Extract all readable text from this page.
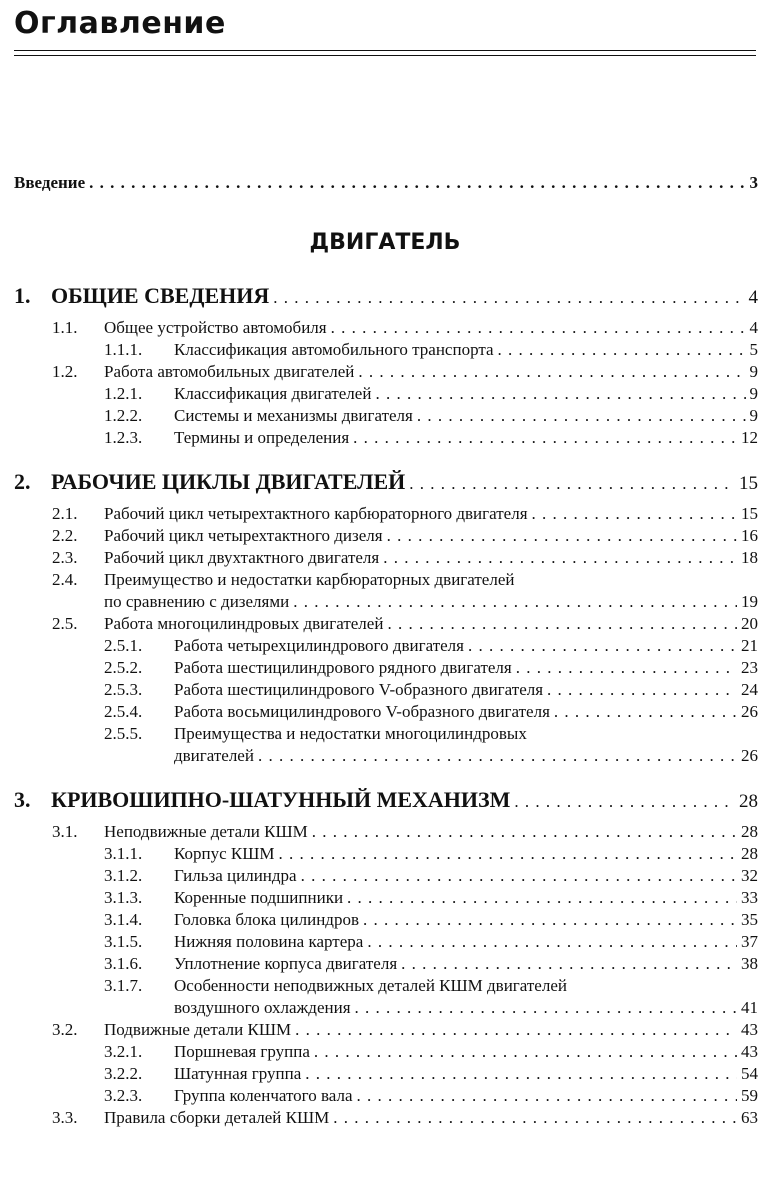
Оглавление
Введение . . .	3
ДВИГАТЕЛЬ
1. ОБЩИЕ СВЕДЕНИЯ . . .	4
1.1.	Общее устройство автомобиля . . .	4
1.1.1.	Классификация автомобильного транспорта . . .	5
1.2.	Работа автомобильных двигателей . . .	9
1.2.1.	Классификация двигателей . . .	9
1.2.2.	Системы и механизмы двигателя . . .	9
1.2.3.	Термины и определения . . .	12
2. РАБОЧИЕ ЦИКЛЫ ДВИГАТЕЛЕЙ . . .	15
2.1.	Рабочий цикл четырехтактного карбюраторного двигателя . . .	15
2.2.	Рабочий цикл четырехтактного дизеля . . .	16
2.3.	Рабочий цикл двухтактного двигателя . . .	18
2.4.	Преимущество и недостатки карбюраторных двигателей
по сравнению с дизелями . . .	19
2.5.	Работа многоцилиндровых двигателей . . .	20
2.5.1.	Работа четырехцилиндрового двигателя . . .	21
2.5.2.	Работа шестицилиндрового рядного двигателя . . .	23
2.5.3.	Работа шестицилиндрового V-образного двигателя . . .	24
2.5.4.	Работа восьмицилиндрового V-образного двигателя . . .	26
2.5.5.	Преимущества и недостатки многоцилиндровых
двигателей . . .	26
3. КРИВОШИПНО-ШАТУННЫЙ МЕХАНИЗМ . . .	28
3.1.	Неподвижные детали КШМ . . .	28
3.1.1.	Корпус КШМ . . .	28
3.1.2.	Гильза цилиндра . . .	32
3.1.3.	Коренные подшипники . . .	33
3.1.4.	Головка блока цилиндров . . .	35
3.1.5.	Нижняя половина картера . . .	37
3.1.6.	Уплотнение корпуса двигателя . . .	38
3.1.7.	Особенности неподвижных деталей КШМ двигателей
воздушного охлаждения . . .	41
3.2.	Подвижные детали КШМ . . .	43
3.2.1.	Поршневая группа . . .	43
3.2.2.	Шатунная группа . . .	54
3.2.3.	Группа коленчатого вала . . .	59
3.3.	Правила сборки деталей КШМ . . .	63
